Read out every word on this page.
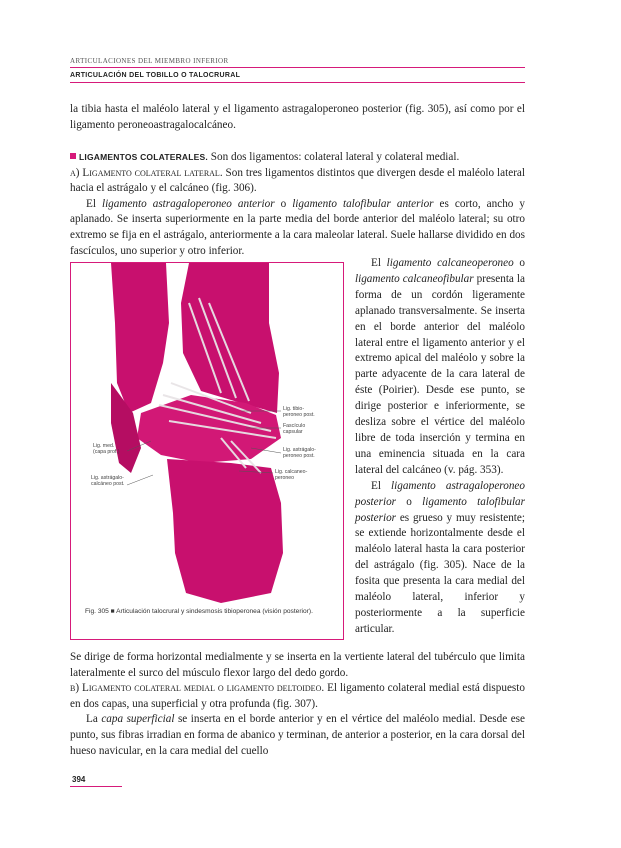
ARTICULACIONES DEL MIEMBRO INFERIOR
ARTICULACIÓN DEL TOBILLO O TALOCRURAL

la tibia hasta el maléolo lateral y el ligamento astragaloperoneo posterior (fig. 305), así como por el ligamento peroneoastragalocalcáneo.

LIGAMENTOS COLATERALES. Son dos ligamentos: colateral lateral y colateral medial.

a) Ligamento colateral lateral. Son tres ligamentos distintos que divergen desde el maléolo lateral hacia el astrágalo y el calcáneo (fig. 306).

El ligamento astragaloperoneo anterior o ligamento talofibular anterior es corto, ancho y aplanado. Se inserta superiormente en la parte media del borde anterior del maléolo lateral; su otro extremo se fija en el astrágalo, anteriormente a la cara maleolar lateral. Suele hallarse dividido en dos fascículos, uno superior y otro inferior.

Lig. tibio-
peroneo post.
Fascículo
capsular
Lig. astrágalo-
peroneo post.
Lig. calcaneo-
peroneo
Lig. med.
(capa prof.)
Lig. astrágalo-
calcáneo post.
Fig. 305 ■ Articulación talocrural y sindesmosis tibioperonea (visión posterior).

El ligamento calcaneoperoneo o ligamento calcaneofibular presenta la forma de un cordón ligeramente aplanado transversalmente. Se inserta en el borde anterior del maléolo lateral entre el ligamento anterior y el extremo apical del maléolo y sobre la parte adyacente de la cara lateral de éste (Poirier). Desde ese punto, se dirige posterior e inferiormente, se desliza sobre el vértice del maléolo libre de toda inserción y termina en una eminencia situada en la cara lateral del calcáneo (v. pág. 353).

El ligamento astragaloperoneo posterior o ligamento talofibular posterior es grueso y muy resistente; se extiende horizontalmente desde el maléolo lateral hasta la cara posterior del astrágalo (fig. 305). Nace de la fosita que presenta la cara medial del maléolo lateral, inferior y posteriormente a la superficie articular.

Se dirige de forma horizontal medialmente y se inserta en la vertiente lateral del tubérculo que limita lateralmente el surco del músculo flexor largo del dedo gordo.

b) Ligamento colateral medial o ligamento deltoideo. El ligamento colateral medial está dispuesto en dos capas, una superficial y otra profunda (fig. 307).

La capa superficial se inserta en el borde anterior y en el vértice del maléolo medial. Desde ese punto, sus fibras irradian en forma de abanico y terminan, de anterior a posterior, en la cara dorsal del hueso navicular, en la cara medial del cuello

394
